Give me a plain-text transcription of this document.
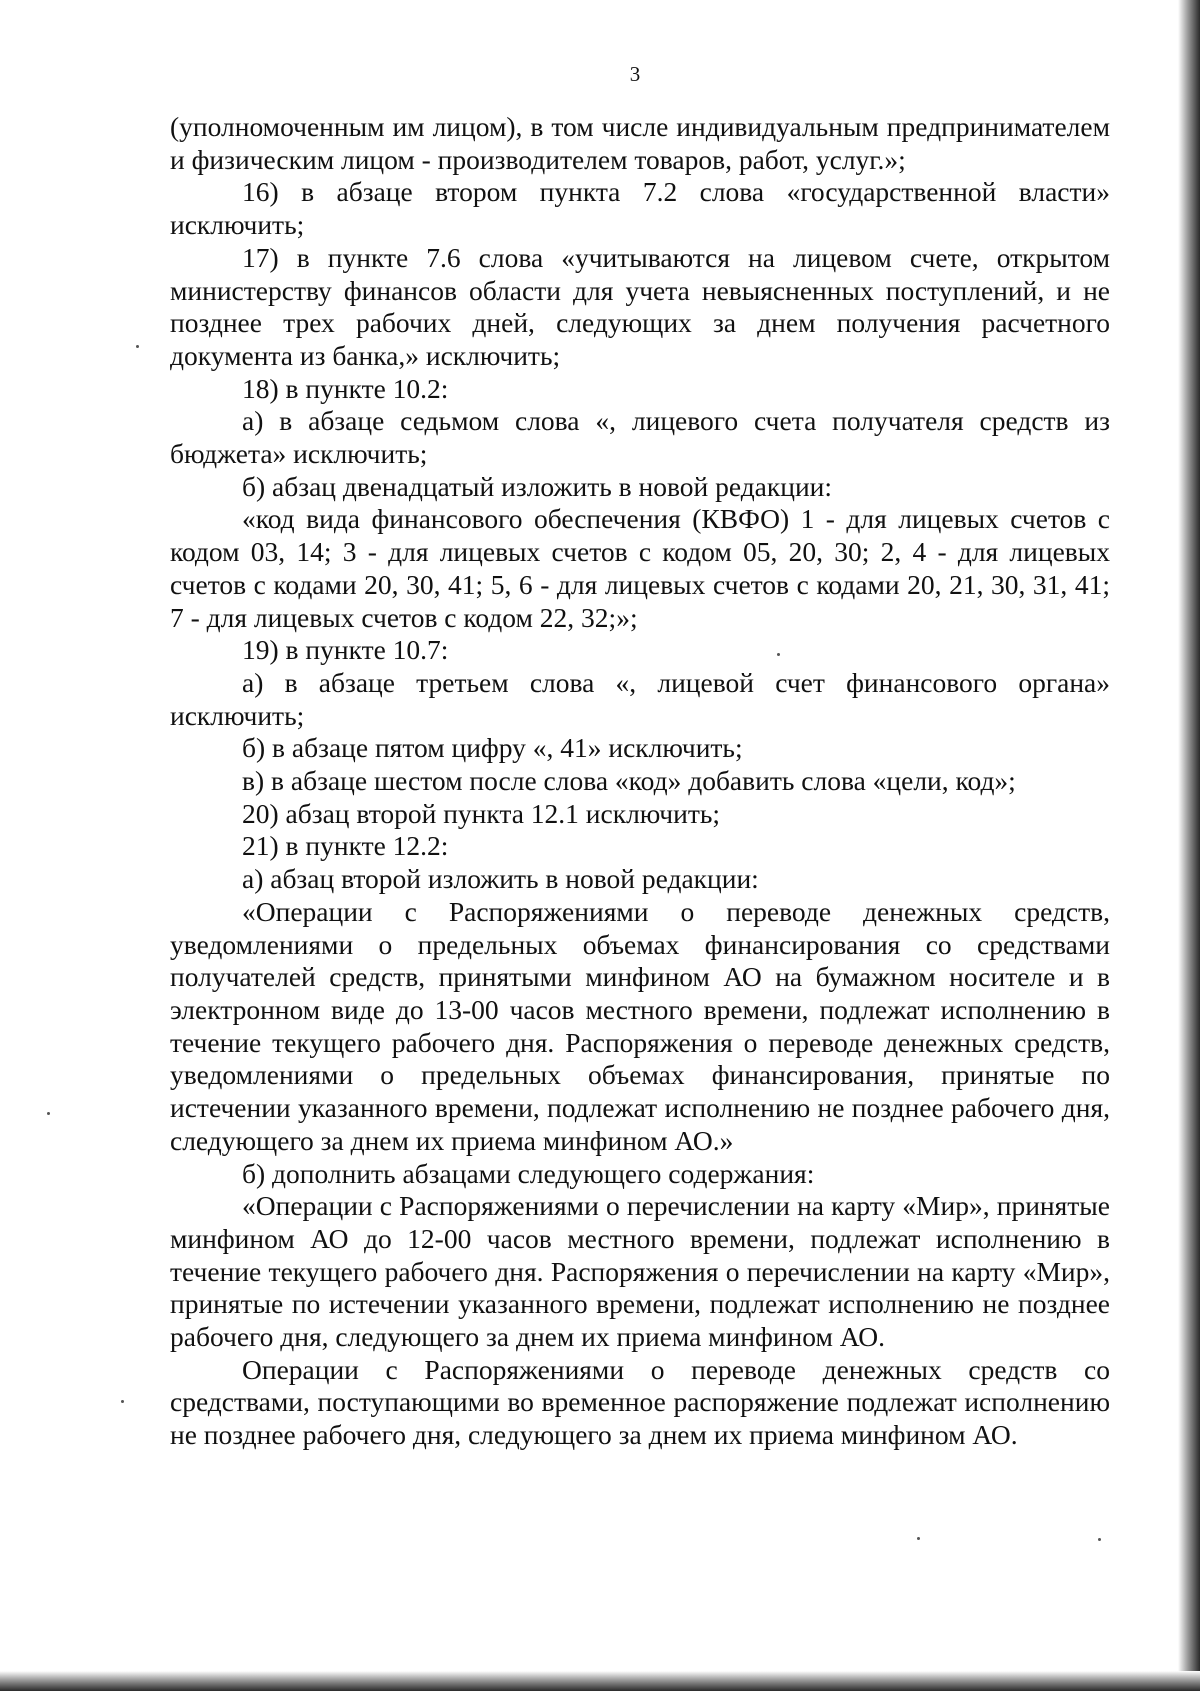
3

(уполномоченным им лицом), в том числе индивидуальным предпринимателем и физическим лицом - производителем товаров, работ, услуг.»;

16) в абзаце втором пункта 7.2 слова «государственной власти» исключить;

17) в пункте 7.6 слова «учитываются на лицевом счете, открытом министерству финансов области для учета невыясненных поступлений, и не позднее трех рабочих дней, следующих за днем получения расчетного документа из банка,» исключить;

18) в пункте 10.2:

а) в абзаце седьмом слова «, лицевого счета получателя средств из бюджета» исключить;

б) абзац двенадцатый изложить в новой редакции:

«код вида финансового обеспечения (КВФО) 1 - для лицевых счетов с кодом 03, 14; 3 - для лицевых счетов с кодом 05, 20, 30; 2, 4 - для лицевых счетов с кодами 20, 30, 41; 5, 6 - для лицевых счетов с кодами 20, 21, 30, 31, 41; 7 - для лицевых счетов с кодом 22, 32;»;

19) в пункте 10.7:

а) в абзаце третьем слова «, лицевой счет финансового органа» исключить;

б) в абзаце пятом цифру «, 41» исключить;

в) в абзаце шестом после слова «код» добавить слова «цели, код»;

20) абзац второй пункта 12.1 исключить;

21) в пункте 12.2:

а) абзац второй изложить в новой редакции:

«Операции с Распоряжениями о переводе денежных средств, уведомлениями о предельных объемах финансирования со средствами получателей средств, принятыми минфином АО на бумажном носителе и в электронном виде до 13-00 часов местного времени, подлежат исполнению в течение текущего рабочего дня. Распоряжения о переводе денежных средств, уведомлениями о предельных объемах финансирования, принятые по истечении указанного времени, подлежат исполнению не позднее рабочего дня, следующего за днем их приема минфином АО.»

б) дополнить абзацами следующего содержания:

«Операции с Распоряжениями о перечислении на карту «Мир», принятые минфином АО до 12-00 часов местного времени, подлежат исполнению в течение текущего рабочего дня. Распоряжения о перечислении на карту «Мир», принятые по истечении указанного времени, подлежат исполнению не позднее рабочего дня, следующего за днем их приема минфином АО.

Операции с Распоряжениями о переводе денежных средств со средствами, поступающими во временное распоряжение подлежат исполнению не позднее рабочего дня, следующего за днем их приема минфином АО.
